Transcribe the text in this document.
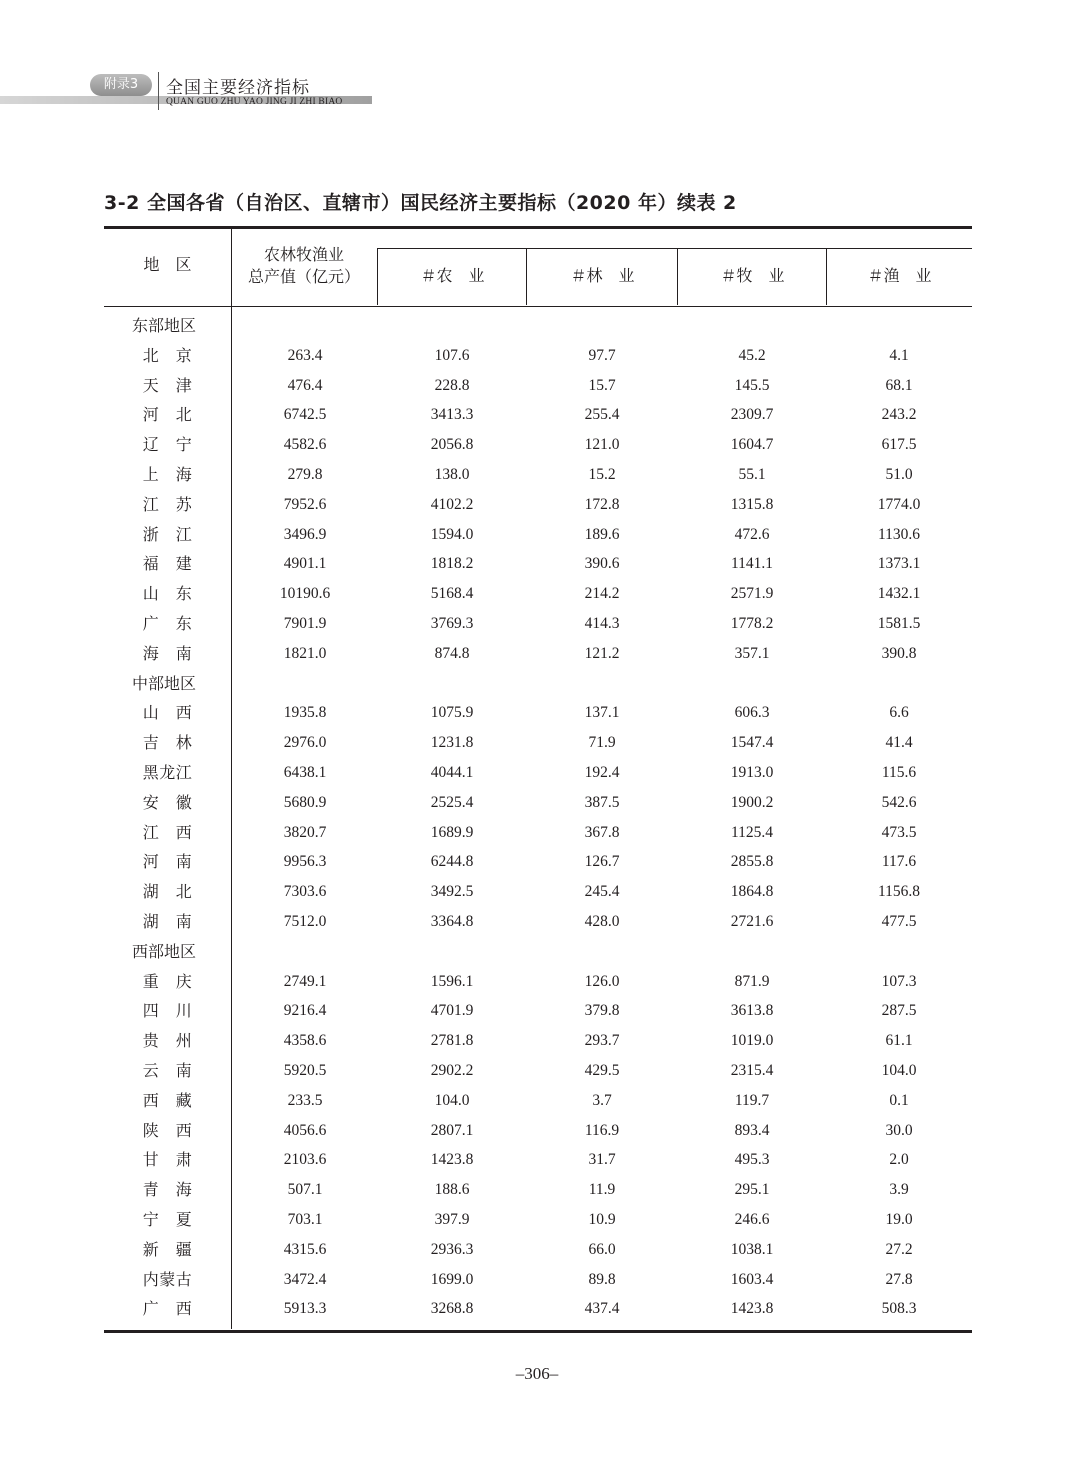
附录3	全国主要经济指标
QUAN GUO ZHU YAO JING JI ZHI BIAO
3-2 全国各省（自治区、直辖市）国民经济主要指标（2020 年）续表 2
地　区
农林牧渔业
总产值（亿元）	＃农　业	＃林　业	＃牧　业	＃渔　业
东部地区
北　京	263.4	107.6	97.7	45.2	4.1
天　津	476.4	228.8	15.7	145.5	68.1
河　北	6742.5	3413.3	255.4	2309.7	243.2
辽　宁	4582.6	2056.8	121.0	1604.7	617.5
上　海	279.8	138.0	15.2	55.1	51.0
江　苏	7952.6	4102.2	172.8	1315.8	1774.0
浙　江	3496.9	1594.0	189.6	472.6	1130.6
福　建	4901.1	1818.2	390.6	1141.1	1373.1
山　东	10190.6	5168.4	214.2	2571.9	1432.1
广　东	7901.9	3769.3	414.3	1778.2	1581.5
海　南	1821.0	874.8	121.2	357.1	390.8
中部地区
山　西	1935.8	1075.9	137.1	606.3	6.6
吉　林	2976.0	1231.8	71.9	1547.4	41.4
黑龙江	6438.1	4044.1	192.4	1913.0	115.6
安　徽	5680.9	2525.4	387.5	1900.2	542.6
江　西	3820.7	1689.9	367.8	1125.4	473.5
河　南	9956.3	6244.8	126.7	2855.8	117.6
湖　北	7303.6	3492.5	245.4	1864.8	1156.8
湖　南	7512.0	3364.8	428.0	2721.6	477.5
西部地区
重　庆	2749.1	1596.1	126.0	871.9	107.3
四　川	9216.4	4701.9	379.8	3613.8	287.5
贵　州	4358.6	2781.8	293.7	1019.0	61.1
云　南	5920.5	2902.2	429.5	2315.4	104.0
西　藏	233.5	104.0	3.7	119.7	0.1
陕　西	4056.6	2807.1	116.9	893.4	30.0
甘　肃	2103.6	1423.8	31.7	495.3	2.0
青　海	507.1	188.6	11.9	295.1	3.9
宁　夏	703.1	397.9	10.9	246.6	19.0
新　疆	4315.6	2936.3	66.0	1038.1	27.2
内蒙古	3472.4	1699.0	89.8	1603.4	27.8
广　西	5913.3	3268.8	437.4	1423.8	508.3
–306–
